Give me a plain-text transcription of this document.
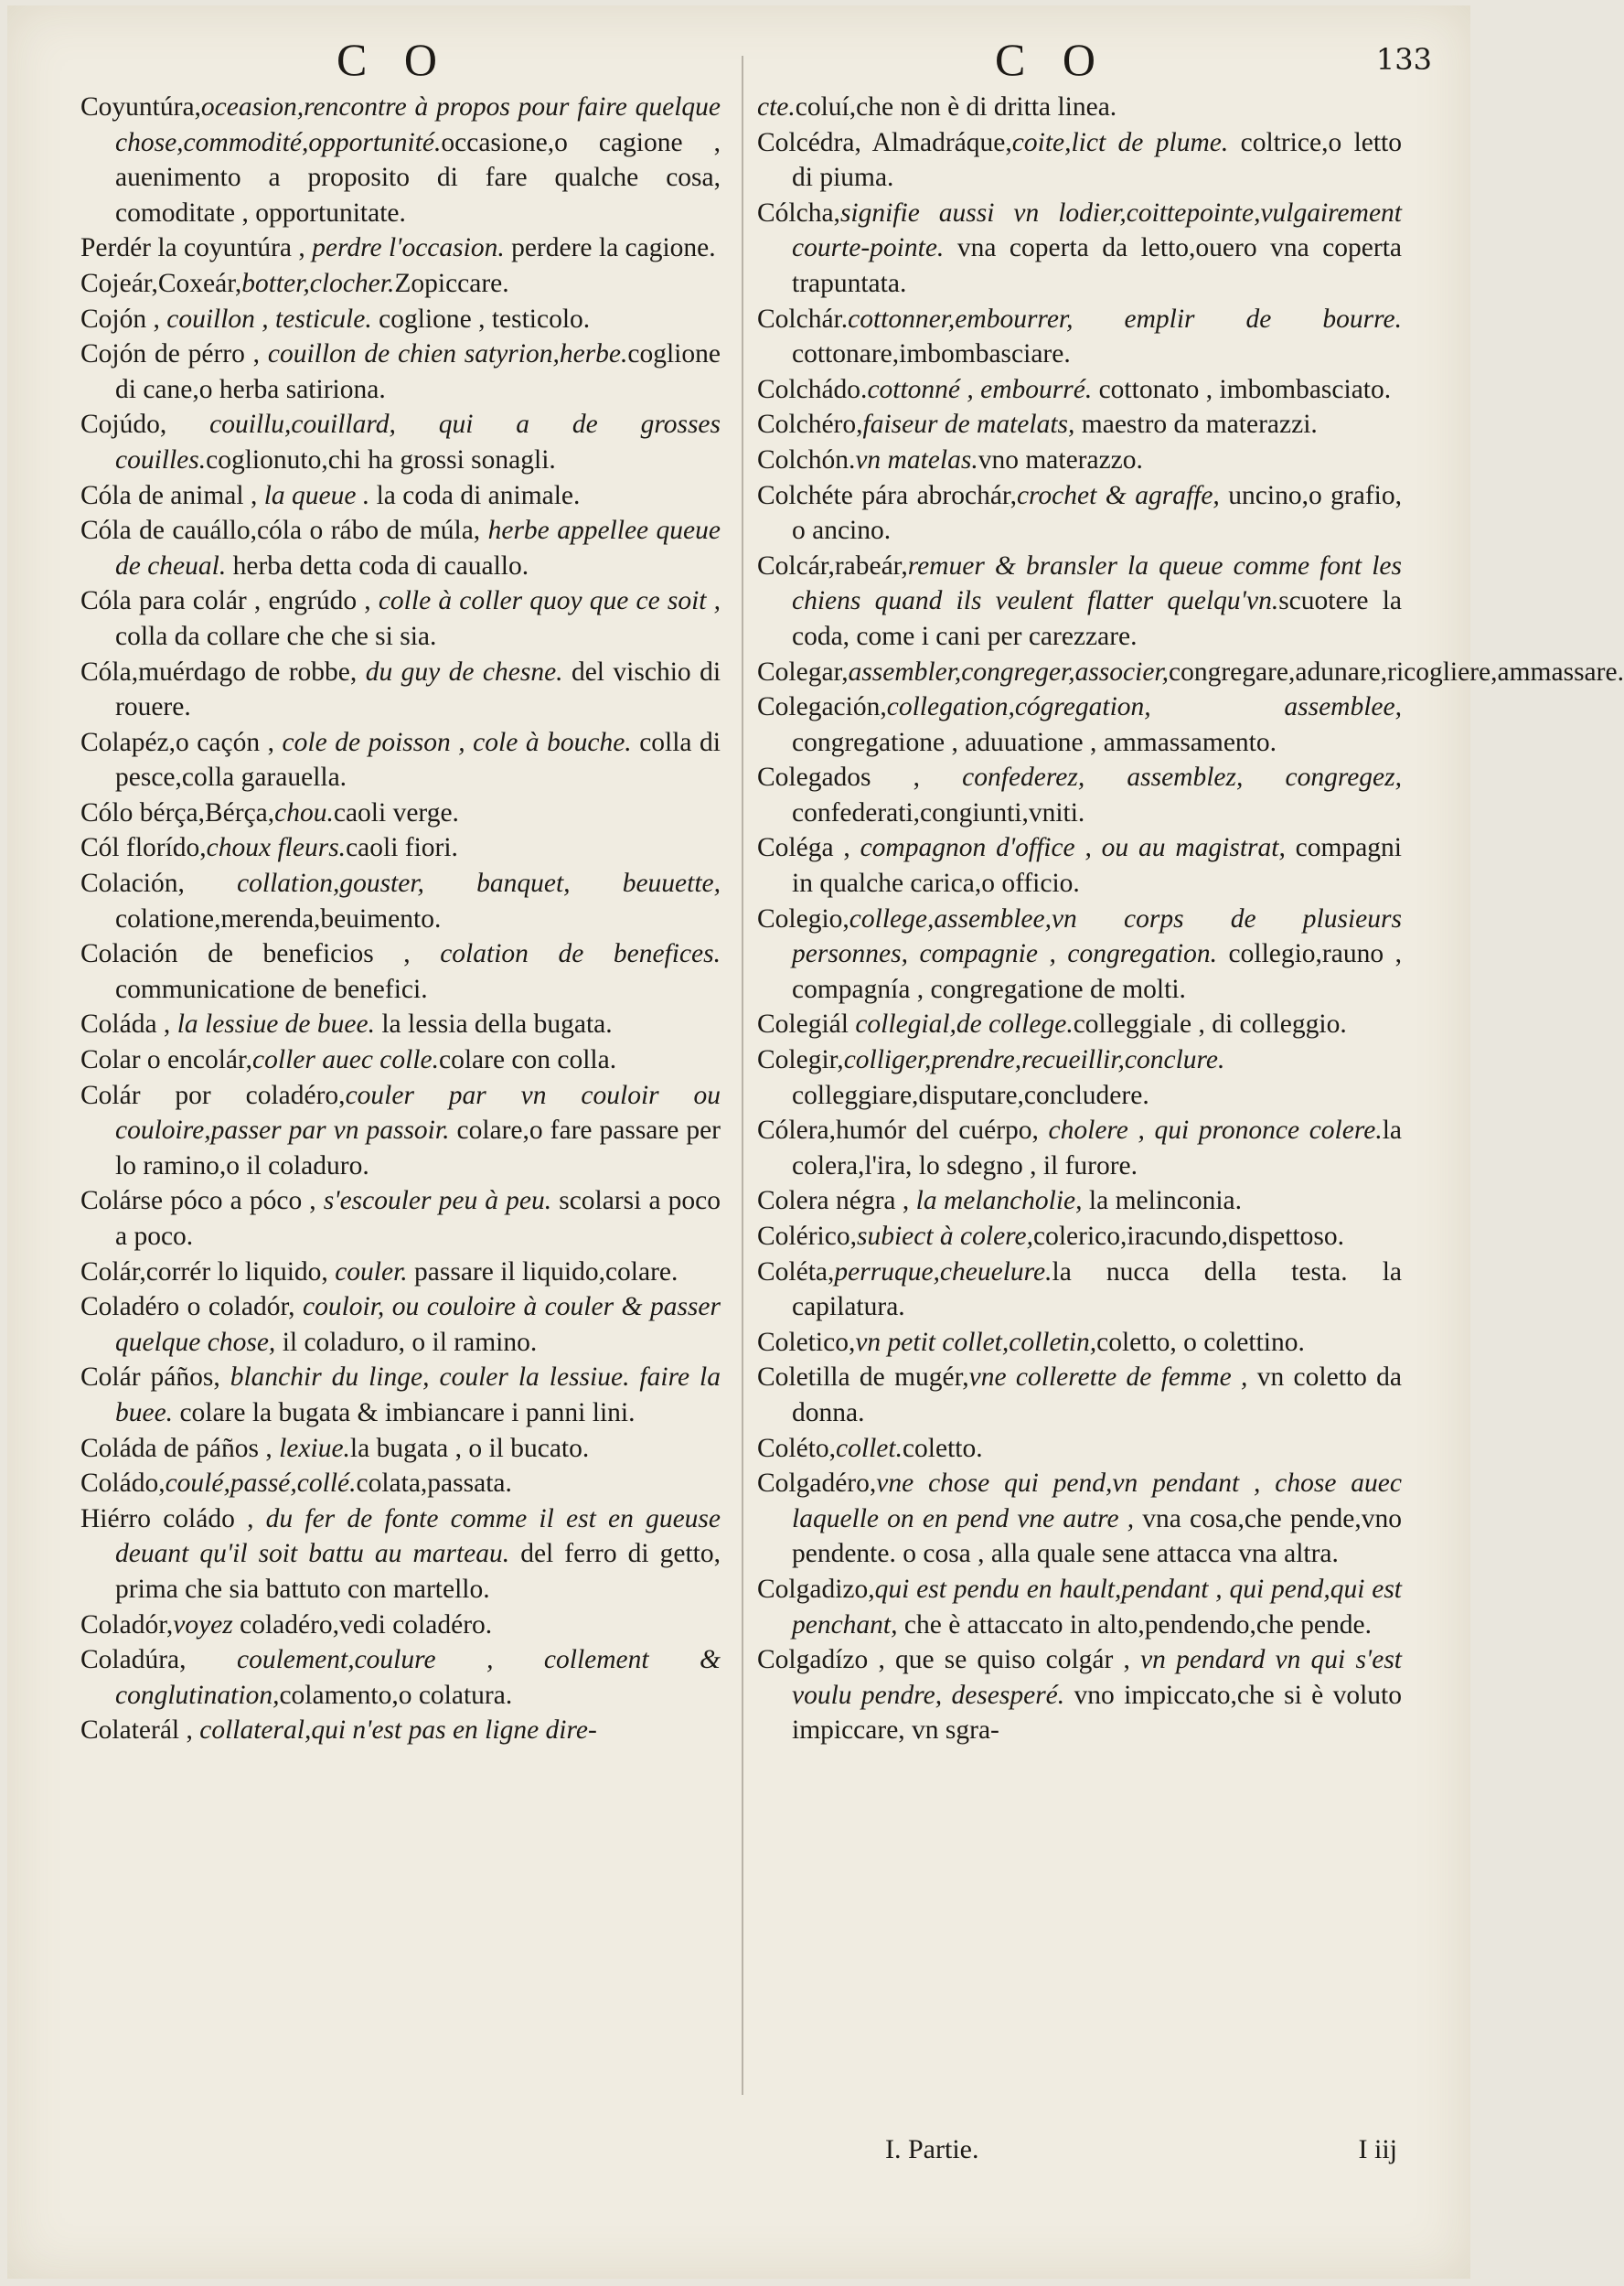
C O	C O	133

Coyuntúra,oceasion,rencontre à propos pour faire quelque chose,commodité,opportunité.occasione,o cagione , auenimento a proposito di fare qualche cosa, comoditate , opportunitate.

Perdér la coyuntúra , perdre l'occasion. perdere la cagione.

Cojeár,Coxeár,botter,clocher.Zopiccare.

Cojón , couillon , testicule. coglione , testicolo.

Cojón de pérro , couillon de chien satyrion,herbe.coglione di cane,o herba satiriona.

Cojúdo, couillu,couillard, qui a de grosses couilles.coglionuto,chi ha grossi sonagli.

Cóla de animal , la queue . la coda di animale.

Cóla de cauállo,cóla o rábo de múla, herbe appellee queue de cheual. herba detta coda di cauallo.

Cóla para colár , engrúdo , colle à coller quoy que ce soit , colla da collare che che si sia.

Cóla,muérdago de robbe, du guy de chesne. del vischio di rouere.

Colapéz,o caçón , cole de poisson , cole à bouche. colla di pesce,colla garauella.

Cólo bérça,Bérça,chou.caoli verge.

Cól florído,choux fleurs.caoli fiori.

Colación, collation,gouster, banquet, beuuette, colatione,merenda,beuimento.

Colación de beneficios , colation de benefices. communicatione de benefici.

Coláda , la lessiue de buee. la lessia della bugata.

Colar o encolár,coller auec colle.colare con colla.

Colár por coladéro,couler par vn couloir ou couloire,passer par vn passoir. colare,o fare passare per lo ramino,o il coladuro.

Colárse póco a póco , s'escouler peu à peu. scolarsi a poco a poco.

Colár,corrér lo liquido, couler. passare il liquido,colare.

Coladéro o coladór, couloir, ou couloire à couler & passer quelque chose, il coladuro, o il ramino.

Colár páños, blanchir du linge, couler la lessiue. faire la buee. colare la bugata & imbiancare i panni lini.

Coláda de páños , lexiue.la bugata , o il bucato.

Coládo,coulé,passé,collé.colata,passata.

Hiérro coládo , du fer de fonte comme il est en gueuse deuant qu'il soit battu au marteau. del ferro di getto, prima che sia battuto con martello.

Coladór,voyez coladéro,vedi coladéro.

Coladúra, coulement,coulure , collement & conglutination,colamento,o colatura.

Colaterál , collateral,qui n'est pas en ligne dire-

cte.coluí,che non è di dritta linea.

Colcédra, Almadráque,coite,lict de plume. coltrice,o letto di piuma.

Cólcha,signifie aussi vn lodier,coittepointe,vulgairement courte-pointe. vna coperta da letto,ouero vna coperta trapuntata.

Colchár.cottonner,embourrer, emplir de bourre. cottonare,imbombasciare.

Colchádo.cottonné , embourré. cottonato , imbombasciato.

Colchéro,faiseur de matelats, maestro da materazzi.

Colchón.vn matelas.vno materazzo.

Colchéte pára abrochár,crochet & agraffe, uncino,o grafio, o ancino.

Colcár,rabeár,remuer & bransler la queue comme font les chiens quand ils veulent flatter quelqu'vn.scuotere la coda, come i cani per carezzare.

Colegar,assembler,congreger,associer,congregare,adunare,ricogliere,ammassare.

Colegación,collegation,cógregation, assemblee, congregatione , aduuatione , ammassamento.

Colegados , confederez, assemblez, congregez, confederati,congiunti,vniti.

Coléga , compagnon d'office , ou au magistrat, compagni in qualche carica,o officio.

Colegio,college,assemblee,vn corps de plusieurs personnes, compagnie , congregation. collegio,rauno , compagnía , congregatione de molti.

Colegiál collegial,de college.colleggiale , di colleggio.

Colegir,colliger,prendre,recueillir,conclure. colleggiare,disputare,concludere.

Cólera,humór del cuérpo, cholere , qui prononce colere.la colera,l'ira, lo sdegno , il furore.

Colera négra , la melancholie, la melinconia.

Colérico,subiect à colere,colerico,iracundo,dispettoso.

Coléta,perruque,cheuelure.la nucca della testa. la capilatura.

Coletico,vn petit collet,colletin,coletto, o colettino.

Coletilla de mugér,vne collerette de femme , vn coletto da donna.

Coléto,collet.coletto.

Colgadéro,vne chose qui pend,vn pendant , chose auec laquelle on en pend vne autre , vna cosa,che pende,vno pendente. o cosa , alla quale sene attacca vna altra.

Colgadizo,qui est pendu en hault,pendant , qui pend,qui est penchant, che è attaccato in alto,pendendo,che pende.

Colgadízo , que se quiso colgár , vn pendard vn qui s'est voulu pendre, desesperé. vno impiccato,che si è voluto impiccare, vn sgra-

I. Partie.	I iij
